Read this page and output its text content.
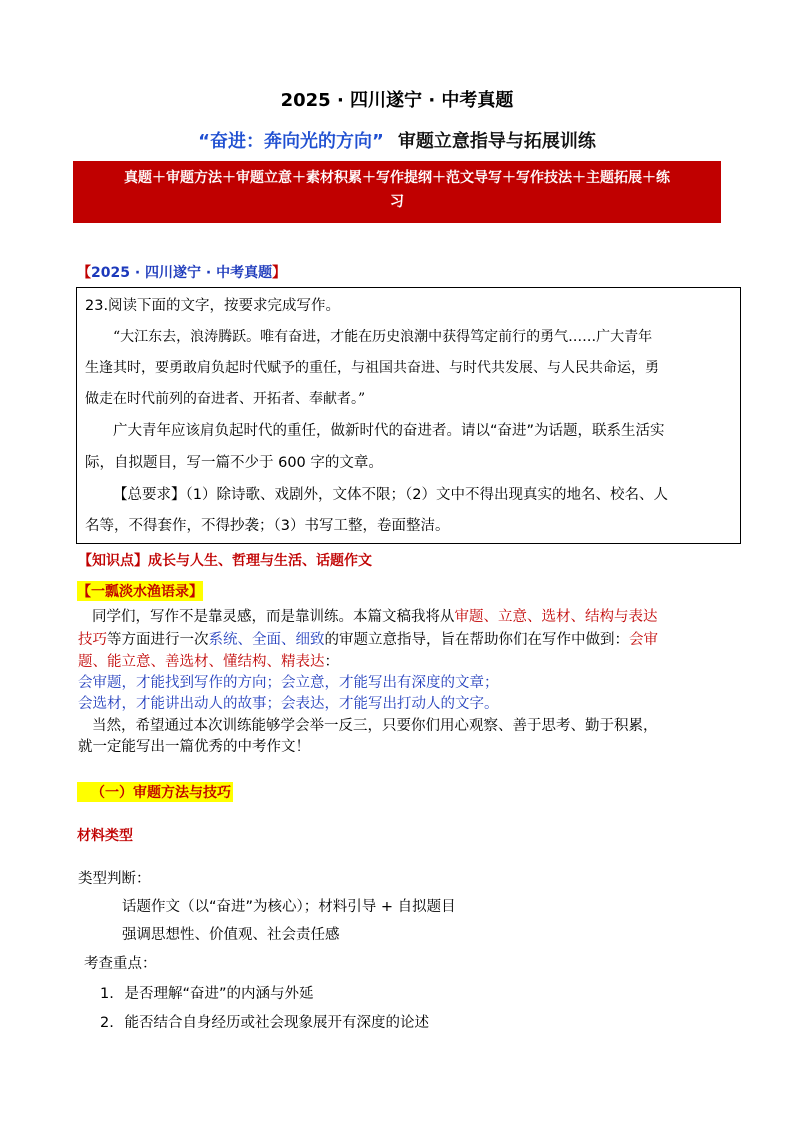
2025 · 四川遂宁 · 中考真题
“奋进：奔向光的方向” 审题立意指导与拓展训练
真题＋审题方法＋审题立意＋素材积累＋写作提纲＋范文导写＋写作技法＋主题拓展＋练
习
【2025 · 四川遂宁 · 中考真题】
23.阅读下面的文字，按要求完成写作。
“大江东去，浪涛腾跃。唯有奋进，才能在历史浪潮中获得笃定前行的勇气……广大青年
生逢其时，要勇敢肩负起时代赋予的重任，与祖国共奋进、与时代共发展、与人民共命运，勇
做走在时代前列的奋进者、开拓者、奉献者。”
广大青年应该肩负起时代的重任，做新时代的奋进者。请以“奋进”为话题，联系生活实
际，自拟题目，写一篇不少于 600 字的文章。
【总要求】（1）除诗歌、戏剧外，文体不限；（2）文中不得出现真实的地名、校名、人
名等，不得套作，不得抄袭；（3）书写工整，卷面整洁。
【知识点】成长与人生、哲理与生活、话题作文
【一瓢淡水渔语录】
同学们，写作不是靠灵感，而是靠训练。本篇文稿我将从审题、立意、选材、结构与表达
技巧等方面进行一次系统、全面、细致的审题立意指导，旨在帮助你们在写作中做到：会审
题、能立意、善选材、懂结构、精表达：
会审题，才能找到写作的方向；会立意，才能写出有深度的文章；
会选材，才能讲出动人的故事；会表达，才能写出打动人的文字。
当然，希望通过本次训练能够学会举一反三，只要你们用心观察、善于思考、勤于积累，
就一定能写出一篇优秀的中考作文！
（一）审题方法与技巧
材料类型
类型判断：
话题作文（以“奋进”为核心）；材料引导 + 自拟题目
强调思想性、价值观、社会责任感
考查重点：
1. 是否理解“奋进”的内涵与外延
2. 能否结合自身经历或社会现象展开有深度的论述
